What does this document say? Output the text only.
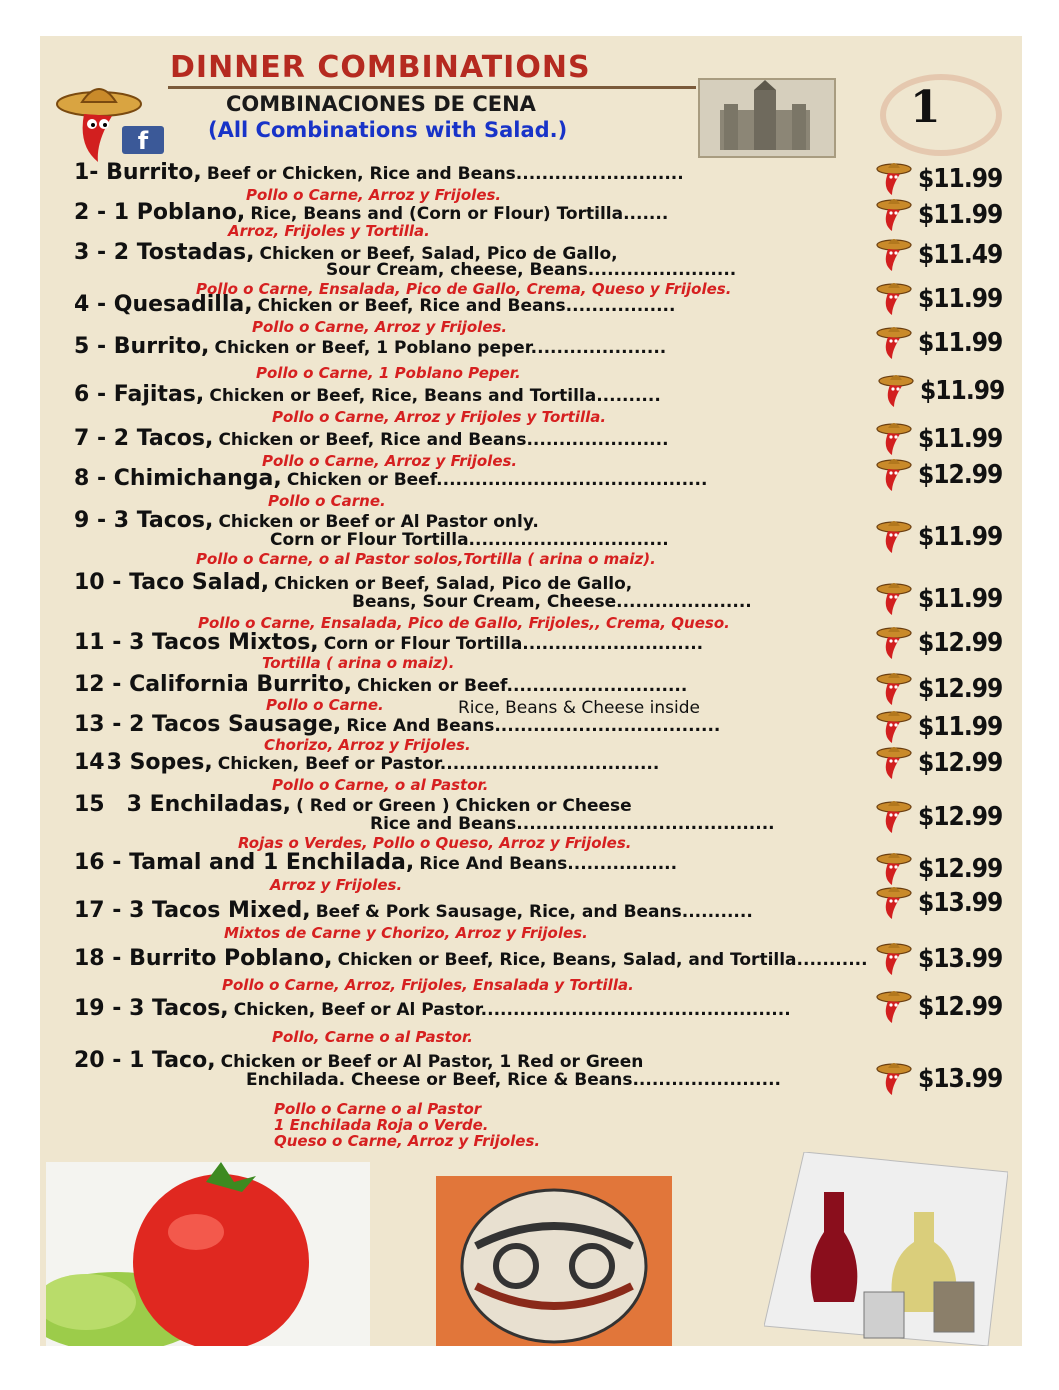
f
DINNER COMBINATIONS
COMBINACIONES DE CENA
(All Combinations with Salad.)	1
1- Burrito, Beef or Chicken, Rice and Beans..........................
Pollo o Carne, Arroz y Frijoles.
$11.99
2 - 1 Poblano, Rice, Beans and (Corn or Flour) Tortilla.......
Arroz, Frijoles y Tortilla.
$11.99
3 - 2 Tostadas, Chicken or Beef, Salad, Pico de Gallo,
Sour Cream, cheese, Beans.......................
Pollo o Carne, Ensalada, Pico de Gallo, Crema, Queso y Frijoles.
$11.49
4 - Quesadilla, Chicken or Beef, Rice and Beans.................
Pollo o Carne, Arroz y Frijoles.
$11.99
5 - Burrito, Chicken or Beef, 1 Poblano peper.....................
Pollo o Carne, 1 Poblano Peper.
$11.99
6 - Fajitas, Chicken or Beef, Rice, Beans and Tortilla..........
Pollo o Carne, Arroz y Frijoles y Tortilla.
$11.99
7 - 2 Tacos, Chicken or Beef, Rice and Beans......................
Pollo o Carne, Arroz y Frijoles.
$11.99
8 - Chimichanga, Chicken or Beef..........................................
Pollo o Carne.
$12.99
9 - 3 Tacos, Chicken or Beef or Al Pastor only.
Corn or Flour Tortilla...............................
Pollo o Carne, o al Pastor solos,Tortilla ( arina o maiz).
$11.99
10 - Taco Salad, Chicken or Beef, Salad, Pico de Gallo,
Beans, Sour Cream, Cheese.....................
Pollo o Carne, Ensalada, Pico de Gallo, Frijoles,, Crema, Queso.
$11.99
11 - 3 Tacos Mixtos, Corn or Flour Tortilla............................
Tortilla ( arina o maiz).
$12.99
12 - California Burrito, Chicken or Beef............................
Pollo o Carne.	Rice, Beans & Cheese inside
$12.99
13 - 2 Tacos Sausage, Rice And Beans...................................
Chorizo, Arroz y Frijoles.
$11.99
143 Sopes, Chicken, Beef or Pastor..................................
Pollo o Carne, o al Pastor.
$12.99
15 3 Enchiladas, ( Red or Green ) Chicken or Cheese
Rice and Beans........................................
Rojas o Verdes, Pollo o Queso, Arroz y Frijoles.
$12.99
16 - Tamal and 1 Enchilada, Rice And Beans.................
Arroz y Frijoles.
$12.99
17 - 3 Tacos Mixed, Beef & Pork Sausage, Rice, and Beans...........
Mixtos de Carne y Chorizo, Arroz y Frijoles.
$13.99
18 - Burrito Poblano, Chicken or Beef, Rice, Beans, Salad, and Tortilla...........
Pollo o Carne, Arroz, Frijoles, Ensalada y Tortilla.
$13.99
19 - 3 Tacos, Chicken, Beef or Al Pastor................................................
Pollo, Carne o al Pastor.
$12.99
20 - 1 Taco, Chicken or Beef or Al Pastor, 1 Red or Green
Enchilada. Cheese or Beef, Rice & Beans.......................
Pollo o Carne o al Pastor
1 Enchilada Roja o Verde.
Queso o Carne, Arroz y Frijoles.
$13.99
